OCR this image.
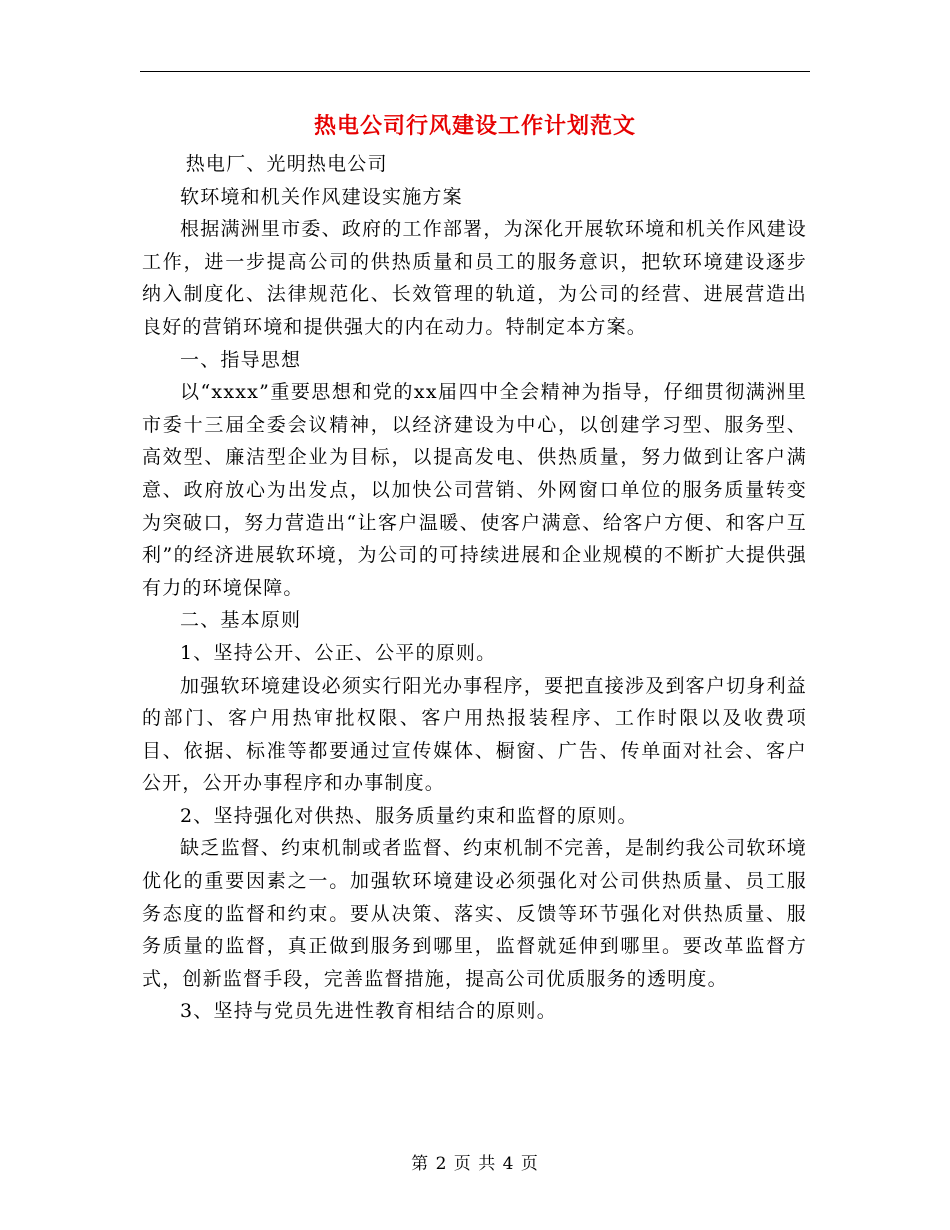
热电公司行风建设工作计划范文

热电厂、光明热电公司

软环境和机关作风建设实施方案

根据满洲里市委、政府的工作部署，为深化开展软环境和机关作风建设工作，进一步提高公司的供热质量和员工的服务意识，把软环境建设逐步纳入制度化、法律规范化、长效管理的轨道，为公司的经营、进展营造出良好的营销环境和提供强大的内在动力。特制定本方案。

一、指导思想

以“xxxx”重要思想和党的xx届四中全会精神为指导，仔细贯彻满洲里市委十三届全委会议精神，以经济建设为中心，以创建学习型、服务型、高效型、廉洁型企业为目标，以提高发电、供热质量，努力做到让客户满意、政府放心为出发点，以加快公司营销、外网窗口单位的服务质量转变为突破口，努力营造出“让客户温暖、使客户满意、给客户方便、和客户互利”的经济进展软环境，为公司的可持续进展和企业规模的不断扩大提供强有力的环境保障。

二、基本原则

1、坚持公开、公正、公平的原则。

加强软环境建设必须实行阳光办事程序，要把直接涉及到客户切身利益的部门、客户用热审批权限、客户用热报装程序、工作时限以及收费项目、依据、标准等都要通过宣传媒体、橱窗、广告、传单面对社会、客户公开，公开办事程序和办事制度。

2、坚持强化对供热、服务质量约束和监督的原则。

缺乏监督、约束机制或者监督、约束机制不完善，是制约我公司软环境优化的重要因素之一。加强软环境建设必须强化对公司供热质量、员工服务态度的监督和约束。要从决策、落实、反馈等环节强化对供热质量、服务质量的监督，真正做到服务到哪里，监督就延伸到哪里。要改革监督方式，创新监督手段，完善监督措施，提高公司优质服务的透明度。

3、坚持与党员先进性教育相结合的原则。

第 2 页 共 4 页
